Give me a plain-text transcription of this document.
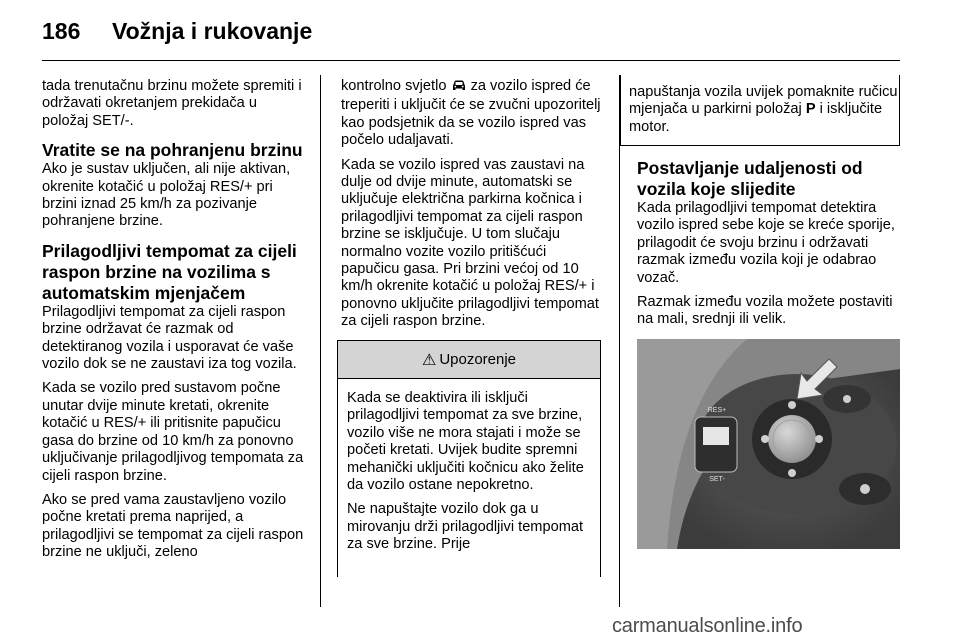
186 Vožnja i rukovanje

tada trenutačnu brzinu možete spremiti i održavati okretanjem prekidača u položaj SET/-.

Vratite se na pohranjenu brzinu

Ako je sustav uključen, ali nije aktivan, okrenite kotačić u položaj RES/+ pri brzini iznad 25 km/h za pozivanje pohranjene brzine.

Prilagodljivi tempomat za cijeli raspon brzine na vozilima s automatskim mjenjačem

Prilagodljivi tempomat za cijeli raspon brzine održavat će razmak od detektiranog vozila i usporavat će vaše vozilo dok se ne zaustavi iza tog vozila.

Kada se vozilo pred sustavom počne unutar dvije minute kretati, okrenite kotačić u RES/+ ili pritisnite papučicu gasa do brzine od 10 km/h za ponovno uključivanje prilagodljivog tempomata za cijeli raspon brzine.

Ako se pred vama zaustavljeno vozilo počne kretati prema naprijed, a prilagodljivi se tempomat za cijeli raspon brzine ne uključi, zeleno

kontrolno svjetlo za vozilo ispred će treperiti i uključit će se zvučni upozoritelj kao podsjetnik da se vozilo ispred vas počelo udaljavati.

Kada se vozilo ispred vas zaustavi na dulje od dvije minute, automatski se uključuje električna parkirna kočnica i prilagodljivi tempomat za cijeli raspon brzine se isključuje. U tom slučaju normalno vozite vozilo pritišćući papučicu gasa. Pri brzini većoj od 10 km/h okrenite kotačić u položaj RES/+ i ponovno uključite prilagodljivi tempomat za cijeli raspon brzine.

⚠ Upozorenje

Kada se deaktivira ili isključi prilagodljivi tempomat za sve brzine, vozilo više ne mora stajati i može se početi kretati. Uvijek budite spremni mehanički uključiti kočnicu ako želite da vozilo ostane nepokretno.

Ne napuštajte vozilo dok ga u mirovanju drži prilagodljivi tempomat za sve brzine. Prije

napuštanja vozila uvijek pomaknite ručicu mjenjača u parkirni položaj P i isključite motor.

Postavljanje udaljenosti od vozila koje slijedite

Kada prilagodljivi tempomat detektira vozilo ispred sebe koje se kreće sporije, prilagodit će svoju brzinu i održavati razmak između vozila koji je odabrao vozač.

Razmak između vozila možete postaviti na mali, srednji ili velik.

RES+
SET-
carmanualsonline.info
